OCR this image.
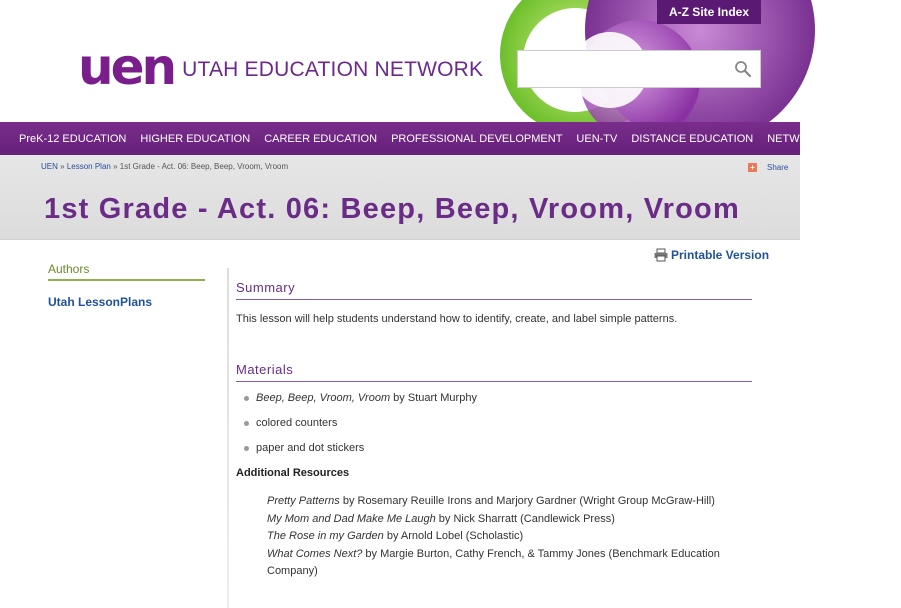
uen UTAH EDUCATION NETWORK
A-Z Site Index
PreK-12 EDUCATION HIGHER EDUCATION CAREER EDUCATION PROFESSIONAL DEVELOPMENT UEN-TV DISTANCE EDUCATION NETWORK ABOUT UEN
UEN » Lesson Plan » 1st Grade - Act. 06: Beep, Beep, Vroom, Vroom	+ Share
1st Grade - Act. 06: Beep, Beep, Vroom, Vroom
Printable Version
Authors
Utah LessonPlans
Summary

This lesson will help students understand how to identify, create, and label simple patterns.

Materials
Beep, Beep, Vroom, Vroom by Stuart Murphy
colored counters
paper and dot stickers
Additional Resources

Pretty Patterns by Rosemary Reuille Irons and Marjory Gardner (Wright Group McGraw-Hill)

My Mom and Dad Make Me Laugh by Nick Sharratt (Candlewick Press)

The Rose in my Garden by Arnold Lobel (Scholastic)

What Comes Next? by Margie Burton, Cathy French, & Tammy Jones (Benchmark Education Company)
